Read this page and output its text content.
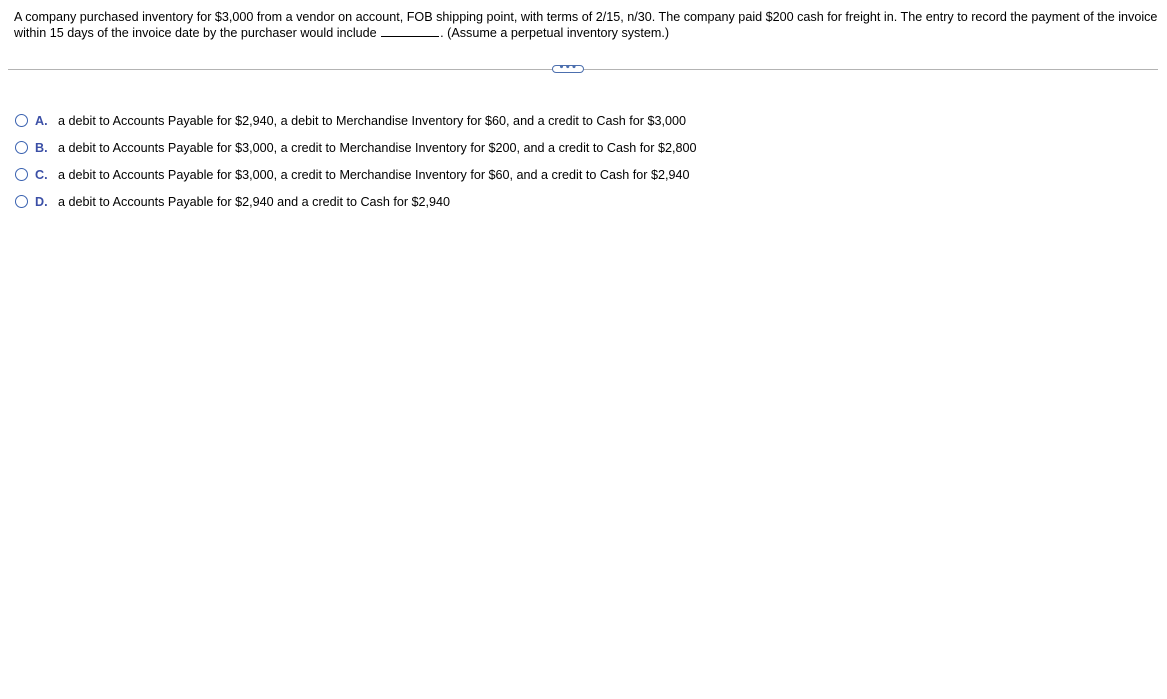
A company purchased inventory for $3,000 from a vendor on account, FOB shipping point, with terms of 2/15, n/30. The company paid $200 cash for freight in. The entry to record the payment of the invoice within 15 days of the invoice date by the purchaser would include	. (Assume a perpetual inventory system.)
•••
A. a debit to Accounts Payable for $2,940, a debit to Merchandise Inventory for $60, and a credit to Cash for $3,000
B. a debit to Accounts Payable for $3,000, a credit to Merchandise Inventory for $200, and a credit to Cash for $2,800
C. a debit to Accounts Payable for $3,000, a credit to Merchandise Inventory for $60, and a credit to Cash for $2,940
D. a debit to Accounts Payable for $2,940 and a credit to Cash for $2,940
